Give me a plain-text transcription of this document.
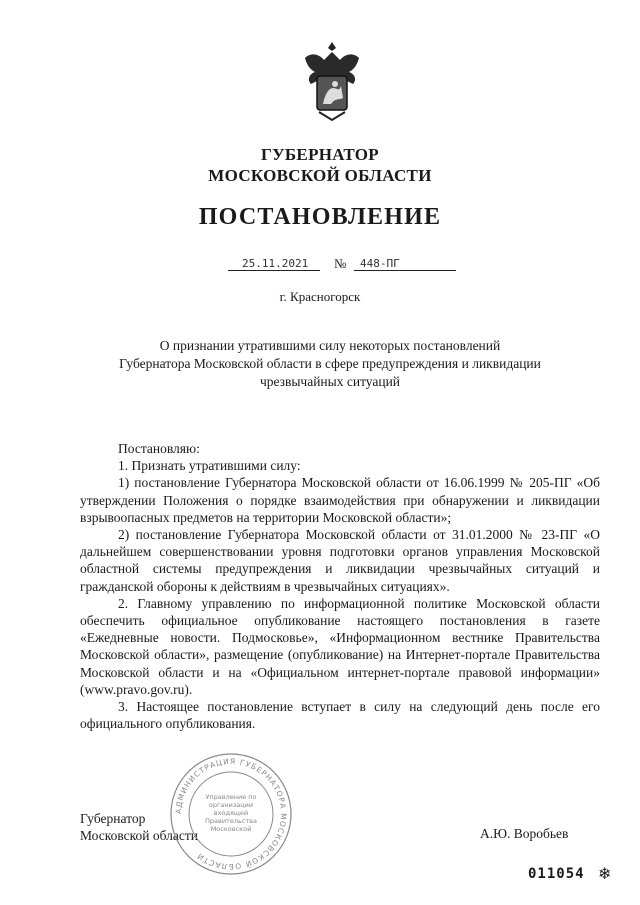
ГУБЕРНАТОР
МОСКОВСКОЙ ОБЛАСТИ
ПОСТАНОВЛЕНИЕ
25.11.2021 № 448-ПГ
г. Красногорск
О признании утратившими силу некоторых постановлений
Губернатора Московской области в сфере предупреждения и ликвидации
чрезвычайных ситуаций

Постановляю:

1. Признать утратившими силу:

1) постановление Губернатора Московской области от 16.06.1999 № 205-ПГ «Об утверждении Положения о порядке взаимодействия при обнаружении и ликвидации взрывоопасных предметов на территории Московской области»;

2) постановление Губернатора Московской области от 31.01.2000 № 23-ПГ «О дальнейшем совершенствовании уровня подготовки органов управления Московской областной системы предупреждения и ликвидации чрезвычайных ситуаций и гражданской обороны к действиям в чрезвычайных ситуациях».

2. Главному управлению по информационной политике Московской области обеспечить официальное опубликование настоящего постановления в газете «Ежедневные новости. Подмосковье», «Информационном вестнике Правительства Московской области», размещение (опубликование) на Интернет-портале Правительства Московской области и на «Официальном интернет-портале правовой информации» (www.pravo.gov.ru).

3. Настоящее постановление вступает в силу на следующий день после его официального опубликования.

Губернатор
Московской области	А.Ю. Воробьев
АДМИНИСТРАЦИЯ ГУБЕРНАТОРА МОСКОВСКОЙ ОБЛАСТИ
Управление по организации входящей Правительства Московской
011054 ❄
